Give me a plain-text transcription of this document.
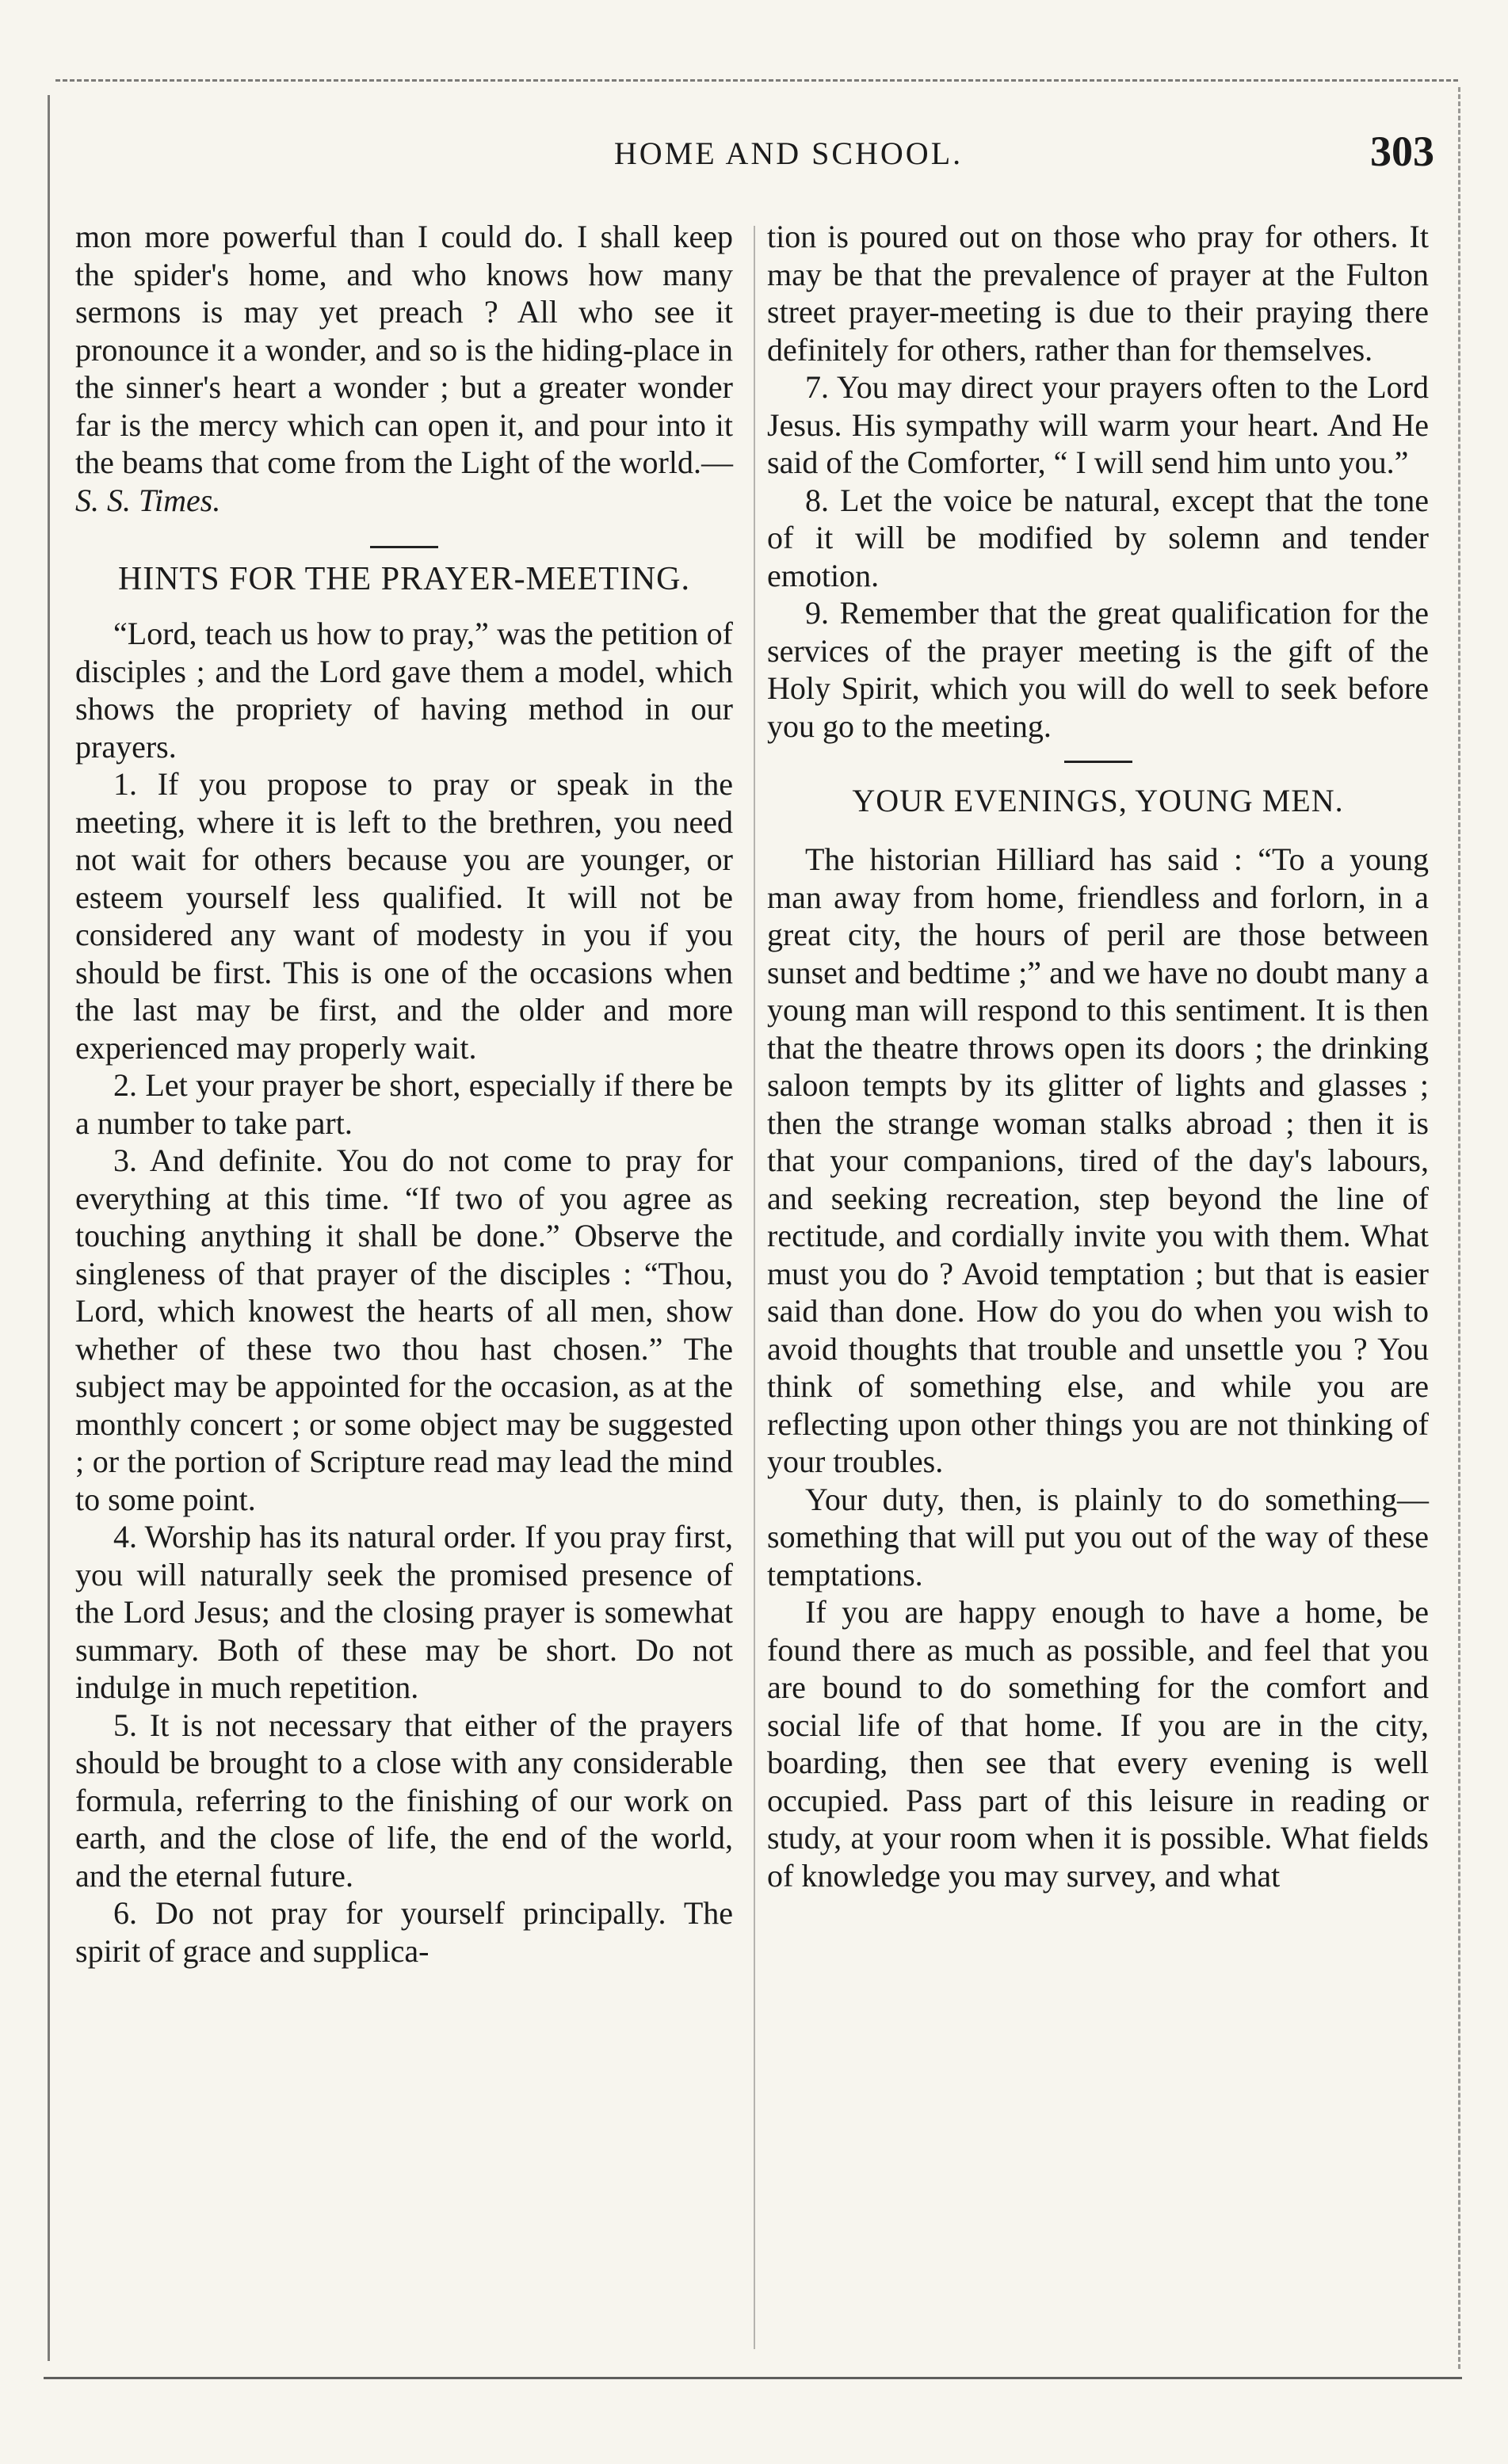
HOME AND SCHOOL.	303

mon more powerful than I could do. I shall keep the spider's home, and who knows how many sermons is may yet preach ? All who see it pronounce it a wonder, and so is the hiding-place in the sinner's heart a wonder ; but a greater wonder far is the mercy which can open it, and pour into it the beams that come from the Light of the world.—S. S. Times.

HINTS FOR THE PRAYER-MEETING.

“Lord, teach us how to pray,” was the petition of disciples ; and the Lord gave them a model, which shows the propriety of having method in our prayers.

1. If you propose to pray or speak in the meeting, where it is left to the brethren, you need not wait for others because you are younger, or esteem yourself less qualified. It will not be considered any want of modesty in you if you should be first. This is one of the occasions when the last may be first, and the older and more experienced may properly wait.

2. Let your prayer be short, especially if there be a number to take part.

3. And definite. You do not come to pray for everything at this time. “If two of you agree as touching anything it shall be done.” Observe the singleness of that prayer of the disciples : “Thou, Lord, which knowest the hearts of all men, show whether of these two thou hast chosen.” The subject may be appointed for the occasion, as at the monthly concert ; or some object may be suggested ; or the portion of Scripture read may lead the mind to some point.

4. Worship has its natural order. If you pray first, you will naturally seek the promised presence of the Lord Jesus; and the closing prayer is somewhat summary. Both of these may be short. Do not indulge in much repetition.

5. It is not necessary that either of the prayers should be brought to a close with any considerable formula, referring to the finishing of our work on earth, and the close of life, the end of the world, and the eternal future.

6. Do not pray for yourself principally. The spirit of grace and supplica-

tion is poured out on those who pray for others. It may be that the prevalence of prayer at the Fulton street prayer-meeting is due to their praying there definitely for others, rather than for themselves.

7. You may direct your prayers often to the Lord Jesus. His sympathy will warm your heart. And He said of the Comforter, “ I will send him unto you.”

8. Let the voice be natural, except that the tone of it will be modified by solemn and tender emotion.

9. Remember that the great qualification for the services of the prayer meeting is the gift of the Holy Spirit, which you will do well to seek before you go to the meeting.

YOUR EVENINGS, YOUNG MEN.

The historian Hilliard has said : “To a young man away from home, friendless and forlorn, in a great city, the hours of peril are those between sunset and bedtime ;” and we have no doubt many a young man will respond to this sentiment. It is then that the theatre throws open its doors ; the drinking saloon tempts by its glitter of lights and glasses ; then the strange woman stalks abroad ; then it is that your companions, tired of the day's labours, and seeking recreation, step beyond the line of rectitude, and cordially invite you with them. What must you do ? Avoid temptation ; but that is easier said than done. How do you do when you wish to avoid thoughts that trouble and unsettle you ? You think of something else, and while you are reflecting upon other things you are not thinking of your troubles.

Your duty, then, is plainly to do something—something that will put you out of the way of these temptations.

If you are happy enough to have a home, be found there as much as possible, and feel that you are bound to do something for the comfort and social life of that home. If you are in the city, boarding, then see that every evening is well occupied. Pass part of this leisure in reading or study, at your room when it is possible. What fields of knowledge you may survey, and what
